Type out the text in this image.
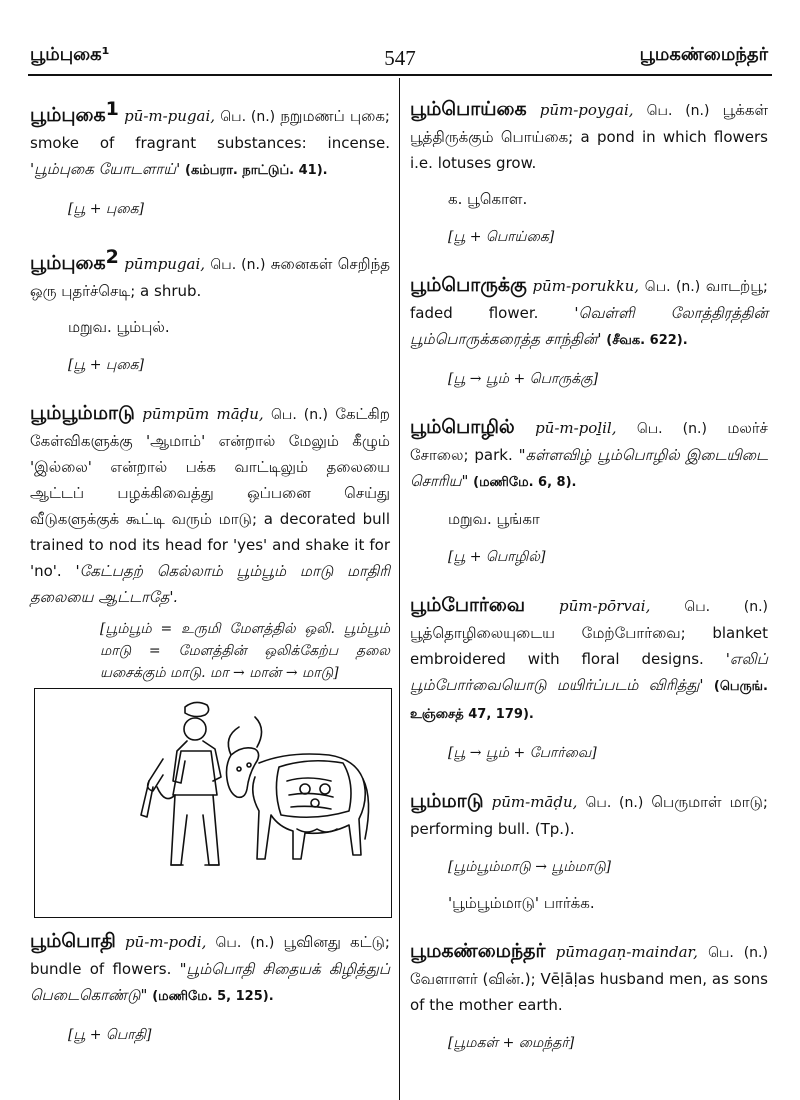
பூம்புகை¹	547	பூமகண்மைந்தர்

பூம்புகை$^1$ pū-m-pugai, பெ. (n.) நறுமணப் புகை; smoke of fragrant substances: incense. 'பூம்புகை யோடளாய்' (கம்பரா. நாட்டுப். 41).

[பூ + புகை]

பூம்புகை$^2$ pūmpugai, பெ. (n.) சுனைகள் செறிந்த ஒரு புதர்ச்செடி; a shrub.

மறுவ. பூம்புல்.
[பூ + புகை]

பூம்பூம்மாடு pūmpūm māḍu, பெ. (n.) கேட்கிற கேள்விகளுக்கு 'ஆமாம்' என்றால் மேலும் கீழும் 'இல்லை' என்றால் பக்க வாட்டிலும் தலையை ஆட்டப் பழக்கிவைத்து ஒப்பனை செய்து வீடுகளுக்குக் கூட்டி வரும் மாடு; a decorated bull trained to nod its head for 'yes' and shake it for 'no'. 'கேட்பதற் கெல்லாம் பூம்பூம் மாடு மாதிரி தலையை ஆட்டாதே'.

[பூம்பூம் = உருமி மேளத்தில் ஒலி. பூம்பூம் மாடு = மேளத்தின் ஒலிக்கேற்ப தலை யசைக்கும் மாடு. மா → மான் → மாடு]

பூம்பொதி pū-m-podi, பெ. (n.) பூவினது கட்டு; bundle of flowers. "பூம்பொதி சிதையக் கிழித்துப் பெடைகொண்டு" (மணிமே. 5, 125).

[பூ + பொதி]

பூம்பொய்கை pūm-poygai, பெ. (n.) பூக்கள் பூத்திருக்கும் பொய்கை; a pond in which flowers i.e. lotuses grow.

க. பூகொள.
[பூ + பொய்கை]

பூம்பொருக்கு pūm-porukku, பெ. (n.) வாடற்பூ; faded flower. 'வெள்ளி லோத்திரத்தின் பூம்பொருக்கரைத்த சாந்தின்' (சீவக. 622).

[பூ → பூம் + பொருக்கு]

பூம்பொழில் pū-m-poḻil, பெ. (n.) மலர்ச் சோலை; park. "கள்ளவிழ் பூம்பொழில் இடையிடை சொரிய" (மணிமே. 6, 8).

மறுவ. பூங்கா
[பூ + பொழில்]

பூம்போர்வை pūm-pōrvai, பெ. (n.) பூத்தொழிலையுடைய மேற்போர்வை; blanket embroidered with floral designs. 'எலிப் பூம்போர்வையொடு மயிர்ப்படம் விரித்து' (பெருங். உஞ்சைத் 47, 179).

[பூ → பூம் + போர்வை]

பூம்மாடு pūm-māḍu, பெ. (n.) பெருமாள் மாடு; performing bull. (Tp.).

[பூம்பூம்மாடு → பூம்மாடு]
'பூம்பூம்மாடு' பார்க்க.

பூமகண்மைந்தர் pūmagaṇ-maindar, பெ. (n.) வேளாளர் (வின்.); Vēḷāḷas husband men, as sons of the mother earth.

[பூமகள் + மைந்தர்]
